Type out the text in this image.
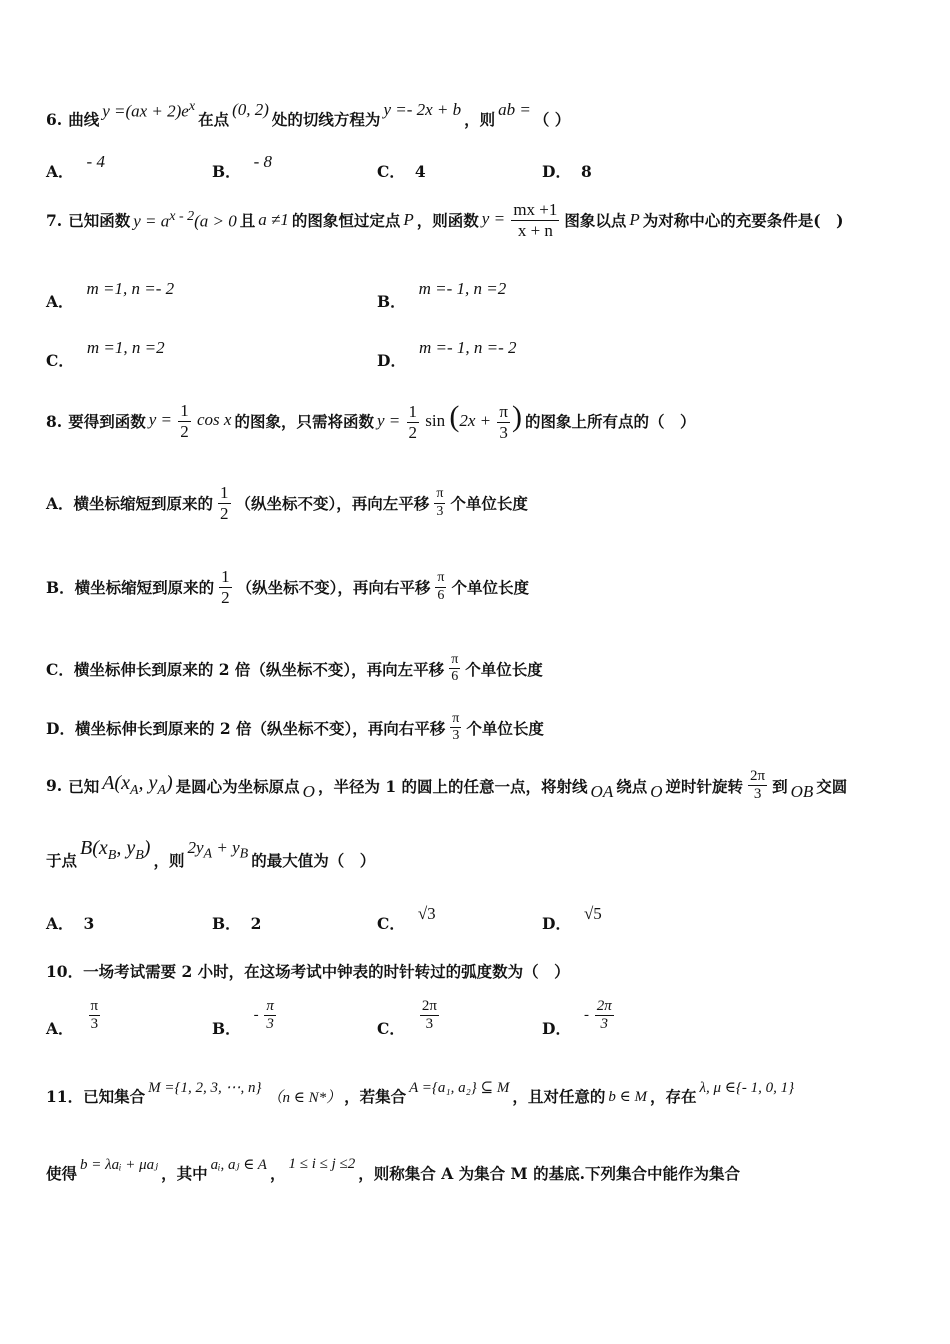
6. 曲线 $y =(ax + 2)e^x$
在点
(0, 2)
处的切线方程为
y =- 2x + b
，则
ab =
（ ）
A．
- 4
B．
- 8
C． 4	D． 8
7. 已知函数 $y = a^{x - 2}(a > 0$ 且 a ≠1 的图象恒过定点 P ，则函数 $y = \frac{mx +1}{x + n}$ 图象以点 P 为对称中心的充要条件是(　)
A．
m =1, n =- 2
B．
m =- 1, n =2
C．
m =1, n =2
D．
m =- 1, n =- 2
8. 要得到函数 $y = \frac{1}{2}$ cos x 的图象，只需将函数 $y = \frac{1}{2}$ $\sin (2x + \frac{\pi}{3}$ ) 的图象上所有点的（　）
A． 横坐标缩短到原来的 $\frac{1}{2}$ （纵坐标不变），再向左平移 $\frac{\pi}{3}$ 个单位长度
B． 横坐标缩短到原来的 $\frac{1}{2}$ （纵坐标不变），再向右平移 $\frac{\pi}{6}$ 个单位长度
C． 横坐标伸长到原来的 2 倍（纵坐标不变），再向左平移 $\frac{\pi}{6}$ 个单位长度
D． 横坐标伸长到原来的 2 倍（纵坐标不变），再向右平移 $\frac{\pi}{3}$ 个单位长度
9. 已知 $A(x_A$, $y_A$) 是圆心为坐标原点 O ，半径为 1 的圆上的任意一点，将射线 OA 绕点 O 逆时针旋转 $\frac{2\pi}{3}$ 到 OB 交圆
于点
$B(x_B$, $y_B$)
，则
$2y_A + y_B$ 的最大值为（　）
A． 3	B． 2	C．
√3
D．
√5
10． 一场考试需要 2 小时，在这场考试中钟表的时针转过的弧度数为（　）
A． $\frac{\pi}{3}$	B．
- $\frac{\pi}{3}$	C． $\frac{2\pi}{3}$	D．
- $\frac{2\pi}{3}$
11． 已知集合 M ={1, 2, 3, ⋯, n}
（n ∈ N*） ，若集合 A ={a₁, a₂} ⊆ M ，且对任意的 b ∈ M ，存在 λ, μ ∈{- 1, 0, 1}
使得 b = λaᵢ + μaⱼ ，其中 aᵢ, aⱼ ∈ A ，
1 ≤ i ≤ j ≤2
，则称集合 A 为集合 M 的基底.下列集合中能作为集合
